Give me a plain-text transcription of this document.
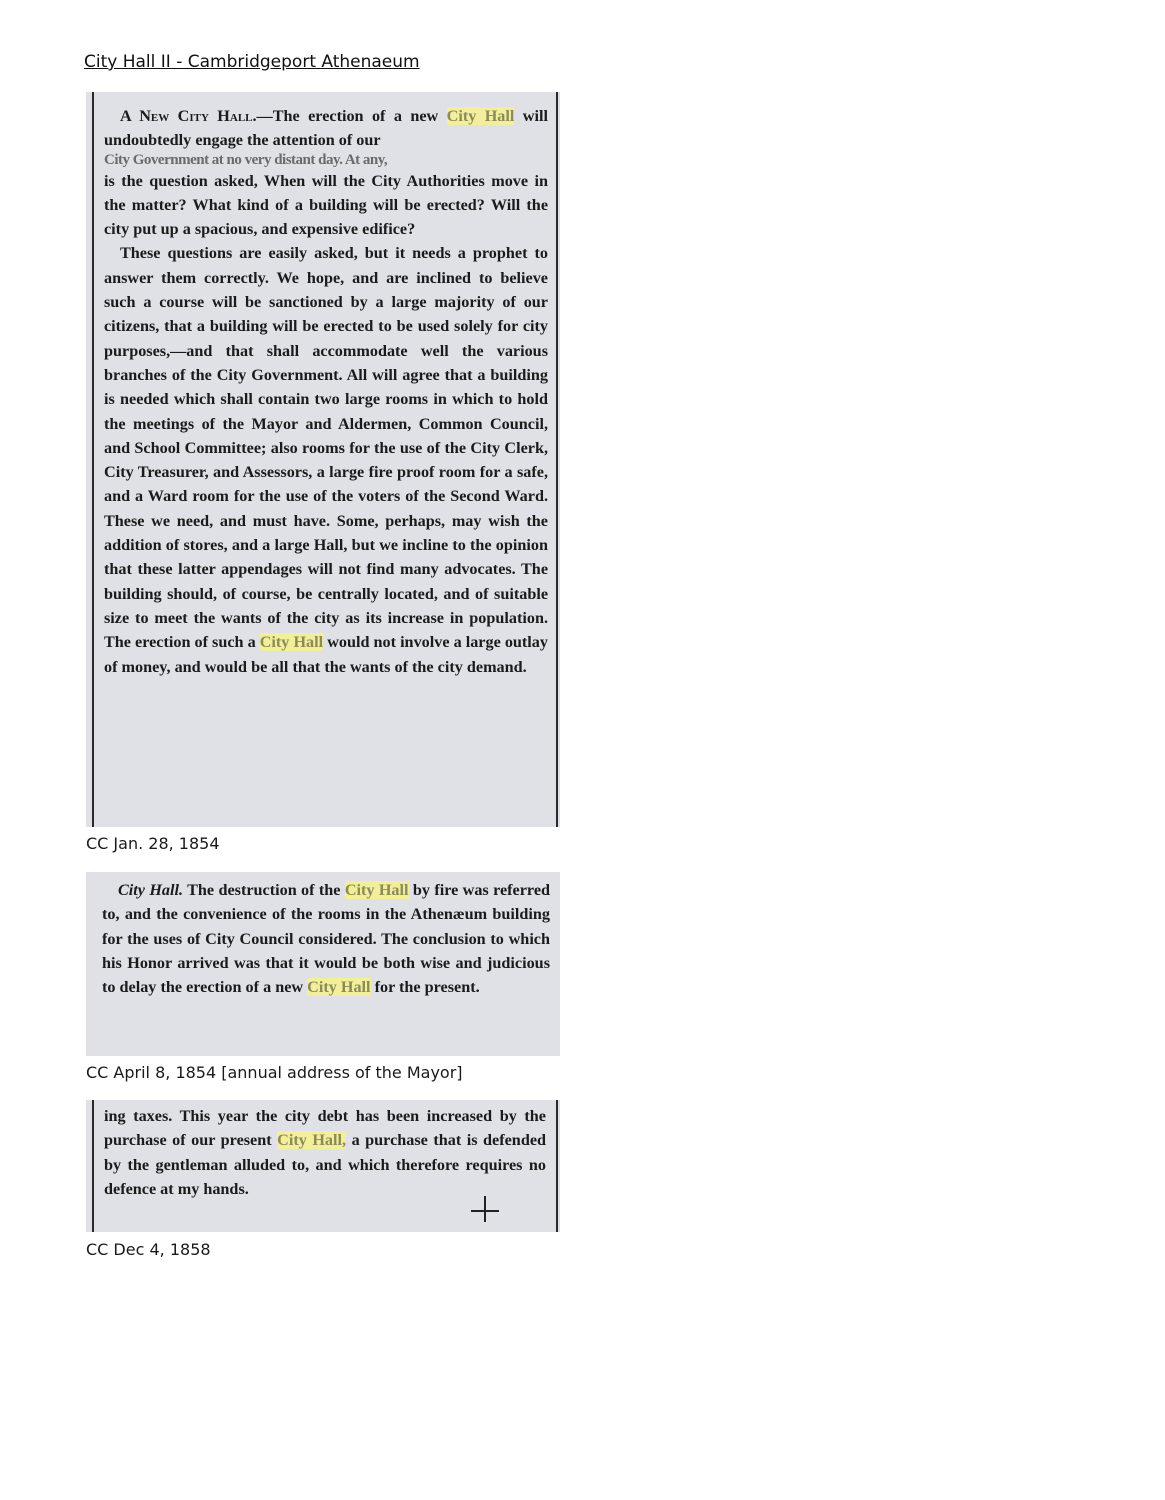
City Hall II - Cambridgeport Athenaeum

A New City Hall.—The erection of a new City Hall will undoubtedly engage the attention of our

City Government at no very distant day. At any,

is the question asked, When will the City Authorities move in the matter? What kind of a building will be erected? Will the city put up a spacious, and expensive edifice?

These questions are easily asked, but it needs a prophet to answer them correctly. We hope, and are inclined to believe such a course will be sanctioned by a large majority of our citizens, that a building will be erected to be used solely for city purposes,—and that shall accommodate well the various branches of the City Government. All will agree that a building is needed which shall contain two large rooms in which to hold the meetings of the Mayor and Aldermen, Common Council, and School Committee; also rooms for the use of the City Clerk, City Treasurer, and Assessors, a large fire proof room for a safe, and a Ward room for the use of the voters of the Second Ward. These we need, and must have. Some, perhaps, may wish the addition of stores, and a large Hall, but we incline to the opinion that these latter appendages will not find many advocates. The building should, of course, be centrally located, and of suitable size to meet the wants of the city as its increase in population. The erection of such a City Hall would not involve a large outlay of money, and would be all that the wants of the city demand.

CC Jan. 28, 1854

City Hall. The destruction of the City Hall by fire was referred to, and the convenience of the rooms in the Athenæum building for the uses of City Council considered. The conclusion to which his Honor arrived was that it would be both wise and judicious to delay the erection of a new City Hall for the present.

CC April 8, 1854 [annual address of the Mayor]

ing taxes. This year the city debt has been increased by the purchase of our present City Hall, a purchase that is defended by the gentleman alluded to, and which therefore requires no defence at my hands.

CC Dec 4, 1858
